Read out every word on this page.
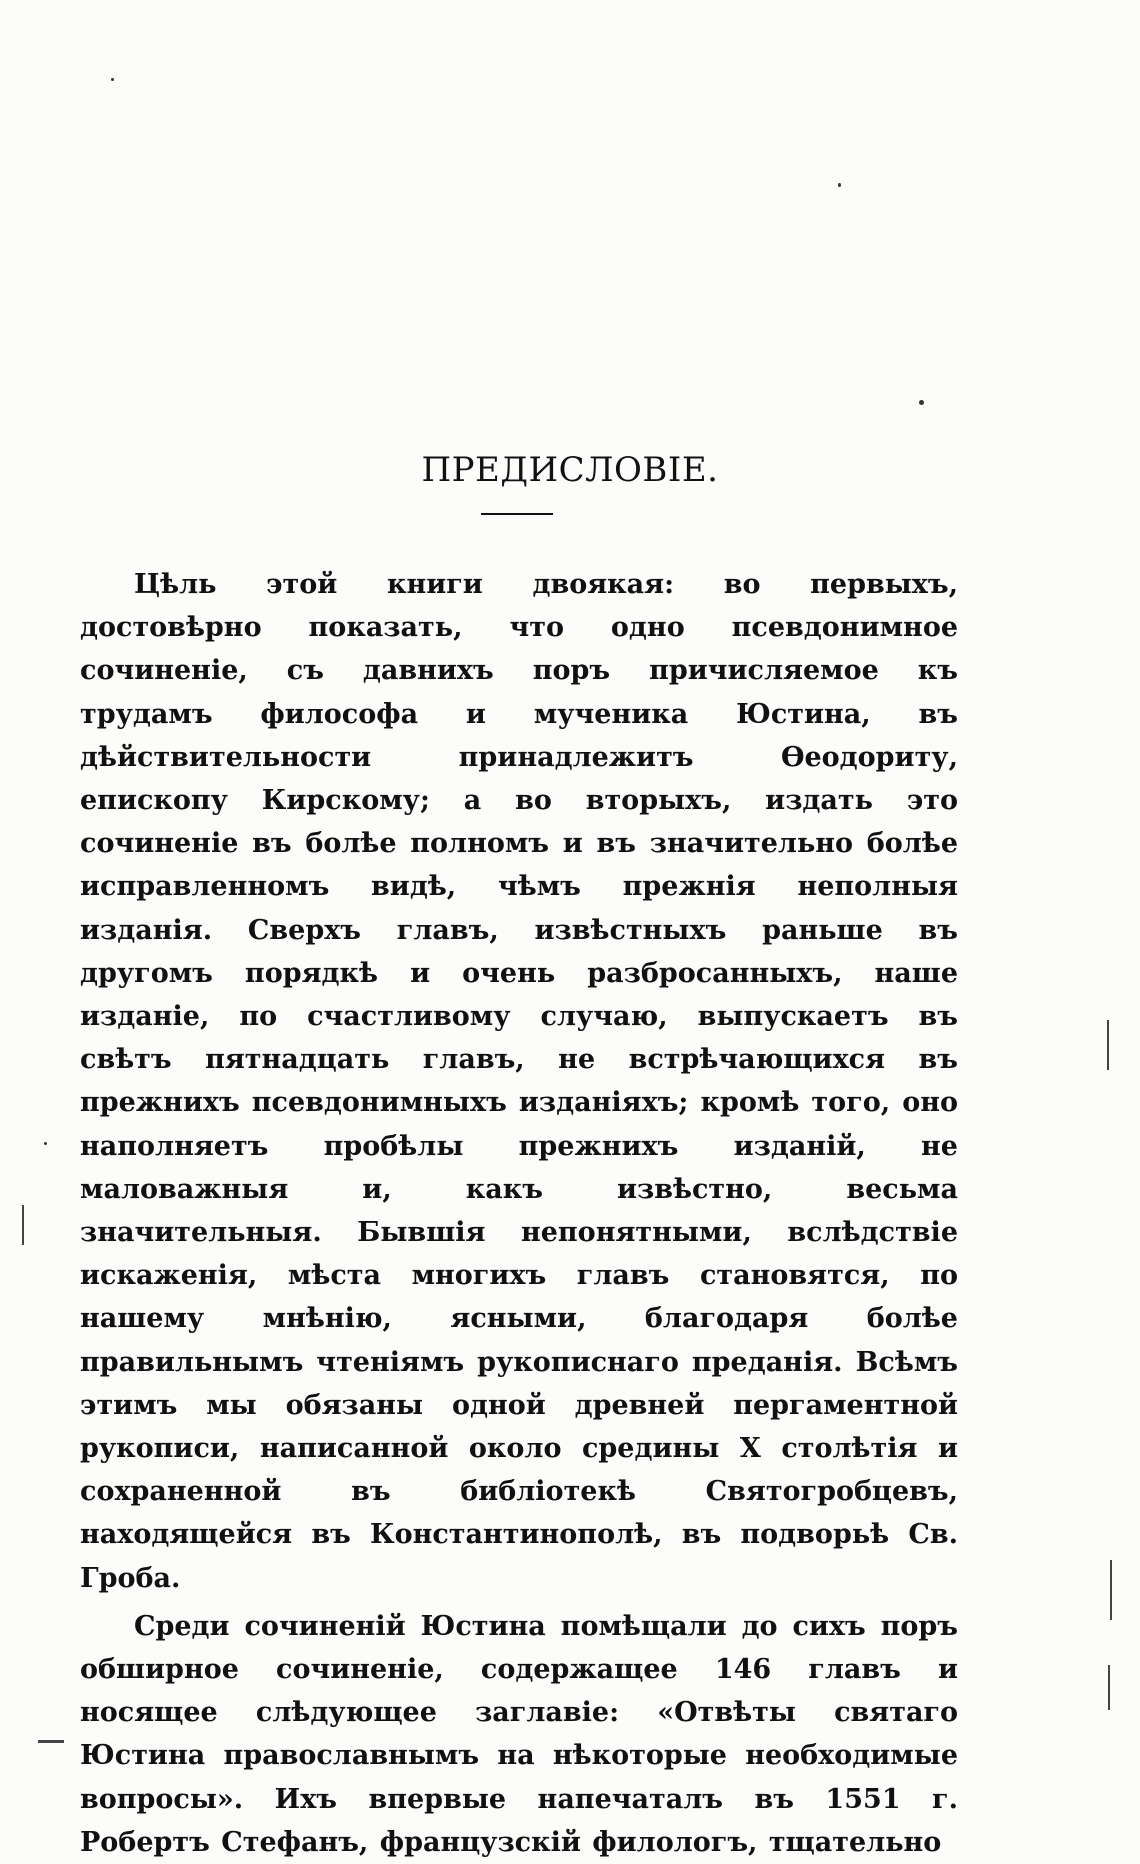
ПРЕДИСЛОВІЕ.

Цѣль этой книги двоякая: во первыхъ, достовѣрно показать, что одно псевдонимное сочиненіе, съ давнихъ поръ причисляемое къ трудамъ философа и мученика Юстина, въ дѣйствительности принадлежитъ Ѳеодориту, епископу Кирскому; а во вторыхъ, издать это сочиненіе въ болѣе полномъ и въ значительно болѣе исправленномъ видѣ, чѣмъ прежнія неполныя изданія. Сверхъ главъ, извѣстныхъ раньше въ другомъ порядкѣ и очень разбросанныхъ, наше изданіе, по счастливому случаю, выпускаетъ въ свѣтъ пятнадцать главъ, не встрѣчающихся въ прежнихъ псевдонимныхъ изданіяхъ; кромѣ того, оно наполняетъ пробѣлы прежнихъ изданій, не маловажныя и, какъ извѣстно, весьма значительныя. Бывшія непонятными, вслѣдствіе искаженія, мѣста многихъ главъ становятся, по нашему мнѣнію, ясными, благодаря болѣе правильнымъ чтеніямъ рукописнаго преданія. Всѣмъ этимъ мы обязаны одной древней пергаментной рукописи, написанной около средины X столѣтія и сохраненной въ библіотекѣ Святогробцевъ, находящейся въ Константинополѣ, въ подворьѣ Св. Гроба.

Среди сочиненій Юстина помѣщали до сихъ поръ обширное сочиненіе, содержащее 146 главъ и носящее слѣдующее заглавіе: «Отвѣты святаго Юстина православнымъ на нѣкоторые необходимые вопросы». Ихъ впервые напечаталъ въ 1551 г. Робертъ Стефанъ, французскій филологъ, тщательно
